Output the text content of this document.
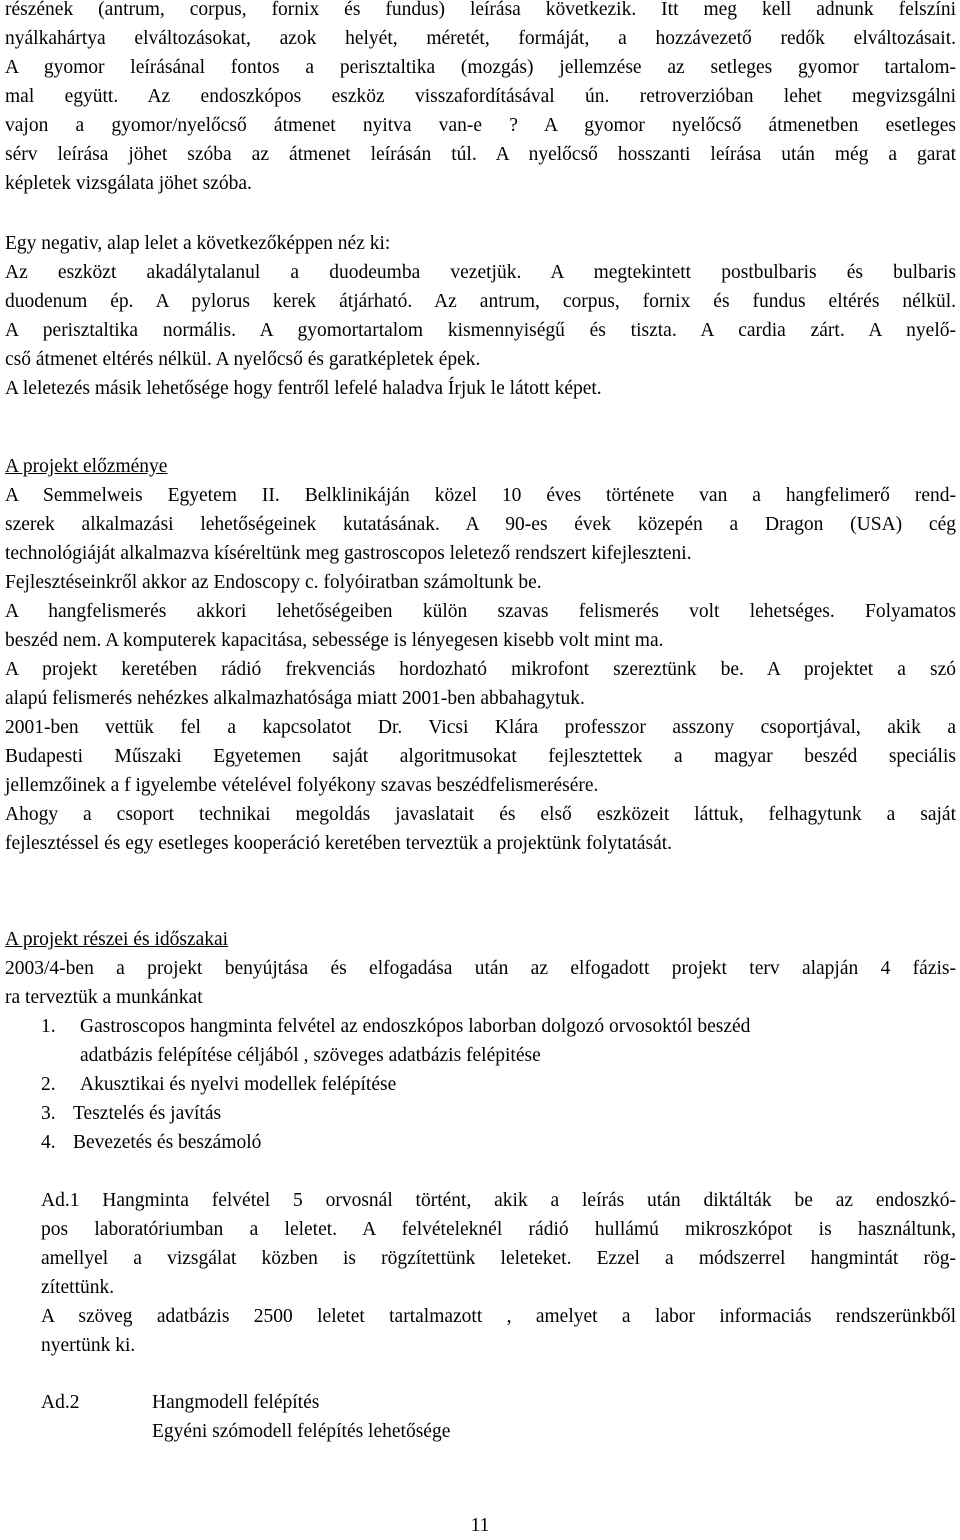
részének (antrum, corpus, fornix és fundus) leírása következik. Itt meg kell adnunk felszíni
nyálkahártya elváltozásokat, azok helyét, méretét, formáját, a hozzávezető redők elváltozásait.
A gyomor leírásánal fontos a perisztaltika (mozgás) jellemzése az setleges gyomor tartalom-
mal együtt. Az endoszkópos eszköz visszafordításával ún. retroverzióban lehet megvizsgálni
vajon a gyomor/nyelőcső átmenet nyitva van-e ? A gyomor nyelőcső átmenetben esetleges
sérv leírása jöhet szóba az átmenet leírásán túl. A nyelőcső hosszanti leírása után még a garat
képletek vizsgálata jöhet szóba.
Egy negativ, alap lelet a következőképpen néz ki:
Az eszközt akadálytalanul a duodeumba vezetjük. A megtekintett postbulbaris és bulbaris
duodenum ép. A pylorus kerek átjárható. Az antrum, corpus, fornix és fundus eltérés nélkül.
A perisztaltika normális. A gyomortartalom kismennyiségű és tiszta. A cardia zárt. A nyelő-
cső átmenet eltérés nélkül. A nyelőcső és garatképletek épek.
A leletezés másik lehetősége hogy fentről lefelé haladva Írjuk le látott képet.
A projekt előzménye
A Semmelweis Egyetem II. Belklinikáján közel 10 éves története van a hangfelimerő rend-
szerek alkalmazási lehetőségeinek kutatásának. A 90-es évek közepén a Dragon (USA) cég
technológiáját alkalmazva kíséreltünk meg gastroscopos leletező rendszert kifejleszteni.
Fejlesztéseinkről akkor az Endoscopy c. folyóiratban számoltunk be.
A hangfelismerés akkori lehetőségeiben külön szavas felismerés volt lehetséges. Folyamatos
beszéd nem. A komputerek kapacitása, sebessége is lényegesen kisebb volt mint ma.
A projekt keretében rádió frekvenciás hordozható mikrofont szereztünk be. A projektet a szó
alapú felismerés nehézkes alkalmazhatósága miatt 2001-ben abbahagytuk.
2001-ben vettük fel a kapcsolatot Dr. Vicsi Klára professzor asszony csoportjával, akik a
Budapesti Műszaki Egyetemen saját algoritmusokat fejlesztettek a magyar beszéd speciális
jellemzőinek a f igyelembe vételével folyékony szavas beszédfelismerésére.
Ahogy a csoport technikai megoldás javaslatait és első eszközeit láttuk, felhagytunk a saját
fejlesztéssel és egy esetleges kooperáció keretében terveztük a projektünk folytatását.
A projekt részei és időszakai
2003/4-ben a projekt benyújtása és elfogadása után az elfogadott projekt terv alapján 4 fázis-
ra terveztük a munkánkat
1. Gastroscopos hangminta felvétel az endoszkópos laborban dolgozó orvosoktól beszéd
adatbázis felépítése céljából , szöveges adatbázis felépitése
2. Akusztikai és nyelvi modellek felépítése
3. Tesztelés és javítás
4. Bevezetés és beszámoló
Ad.1 Hangminta felvétel 5 orvosnál történt, akik a leírás után diktálták be az endoszkó-
pos laboratóriumban a leletet. A felvételeknél rádió hullámú mikroszkópot is használtunk,
amellyel a vizsgálat közben is rögzítettünk leleteket. Ezzel a módszerrel hangmintát rög-
zítettünk.
A szöveg adatbázis 2500 leletet tartalmazott , amelyet a labor informaciás rendszerünkből
nyertünk ki.
Ad.2	Hangmodell felépítés
Egyéni szómodell felépítés lehetősége
11
